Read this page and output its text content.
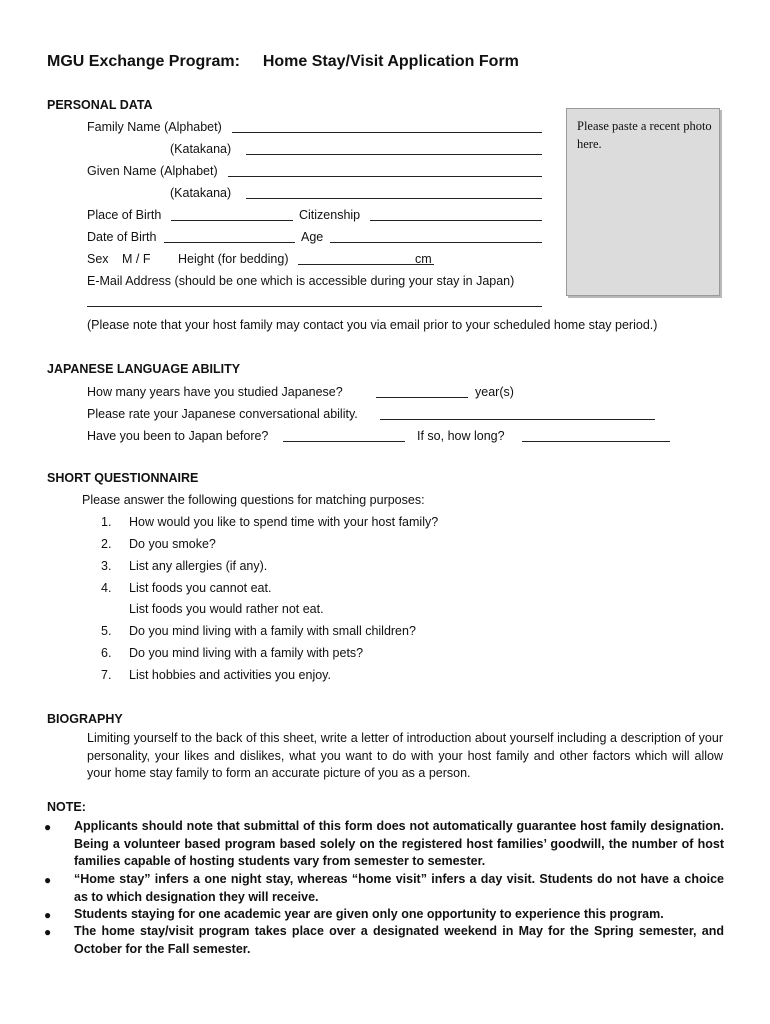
MGU Exchange Program: Home Stay/Visit Application Form
PERSONAL DATA
Family Name (Alphabet)
(Katakana)
Given Name (Alphabet)
(Katakana)
Place of Birth	Citizenship
Date of Birth	Age
Sex M / F Height (for bedding)	cm
E-Mail Address (should be one which is accessible during your stay in Japan)
(Please note that your host family may contact you via email prior to your scheduled home stay period.)
Please paste a recent photo here.
JAPANESE LANGUAGE ABILITY
How many years have you studied Japanese?	year(s)
Please rate your Japanese conversational ability.
Have you been to Japan before?	If so, how long?
SHORT QUESTIONNAIRE
Please answer the following questions for matching purposes:
1. How would you like to spend time with your host family?
2. Do you smoke?
3. List any allergies (if any).
4. List foods you cannot eat.
List foods you would rather not eat.
5. Do you mind living with a family with small children?
6. Do you mind living with a family with pets?
7. List hobbies and activities you enjoy.
BIOGRAPHY
Limiting yourself to the back of this sheet, write a letter of introduction about yourself including a description of your personality, your likes and dislikes, what you want to do with your host family and other factors which will allow your home stay family to form an accurate picture of you as a person.
NOTE:
● Applicants should note that submittal of this form does not automatically guarantee host family designation. Being a volunteer based program based solely on the registered host families’ goodwill, the number of host families capable of hosting students vary from semester to semester.
● “Home stay” infers a one night stay, whereas “home visit” infers a day visit. Students do not have a choice as to which designation they will receive.
● Students staying for one academic year are given only one opportunity to experience this program.
● The home stay/visit program takes place over a designated weekend in May for the Spring semester, and October for the Fall semester.
